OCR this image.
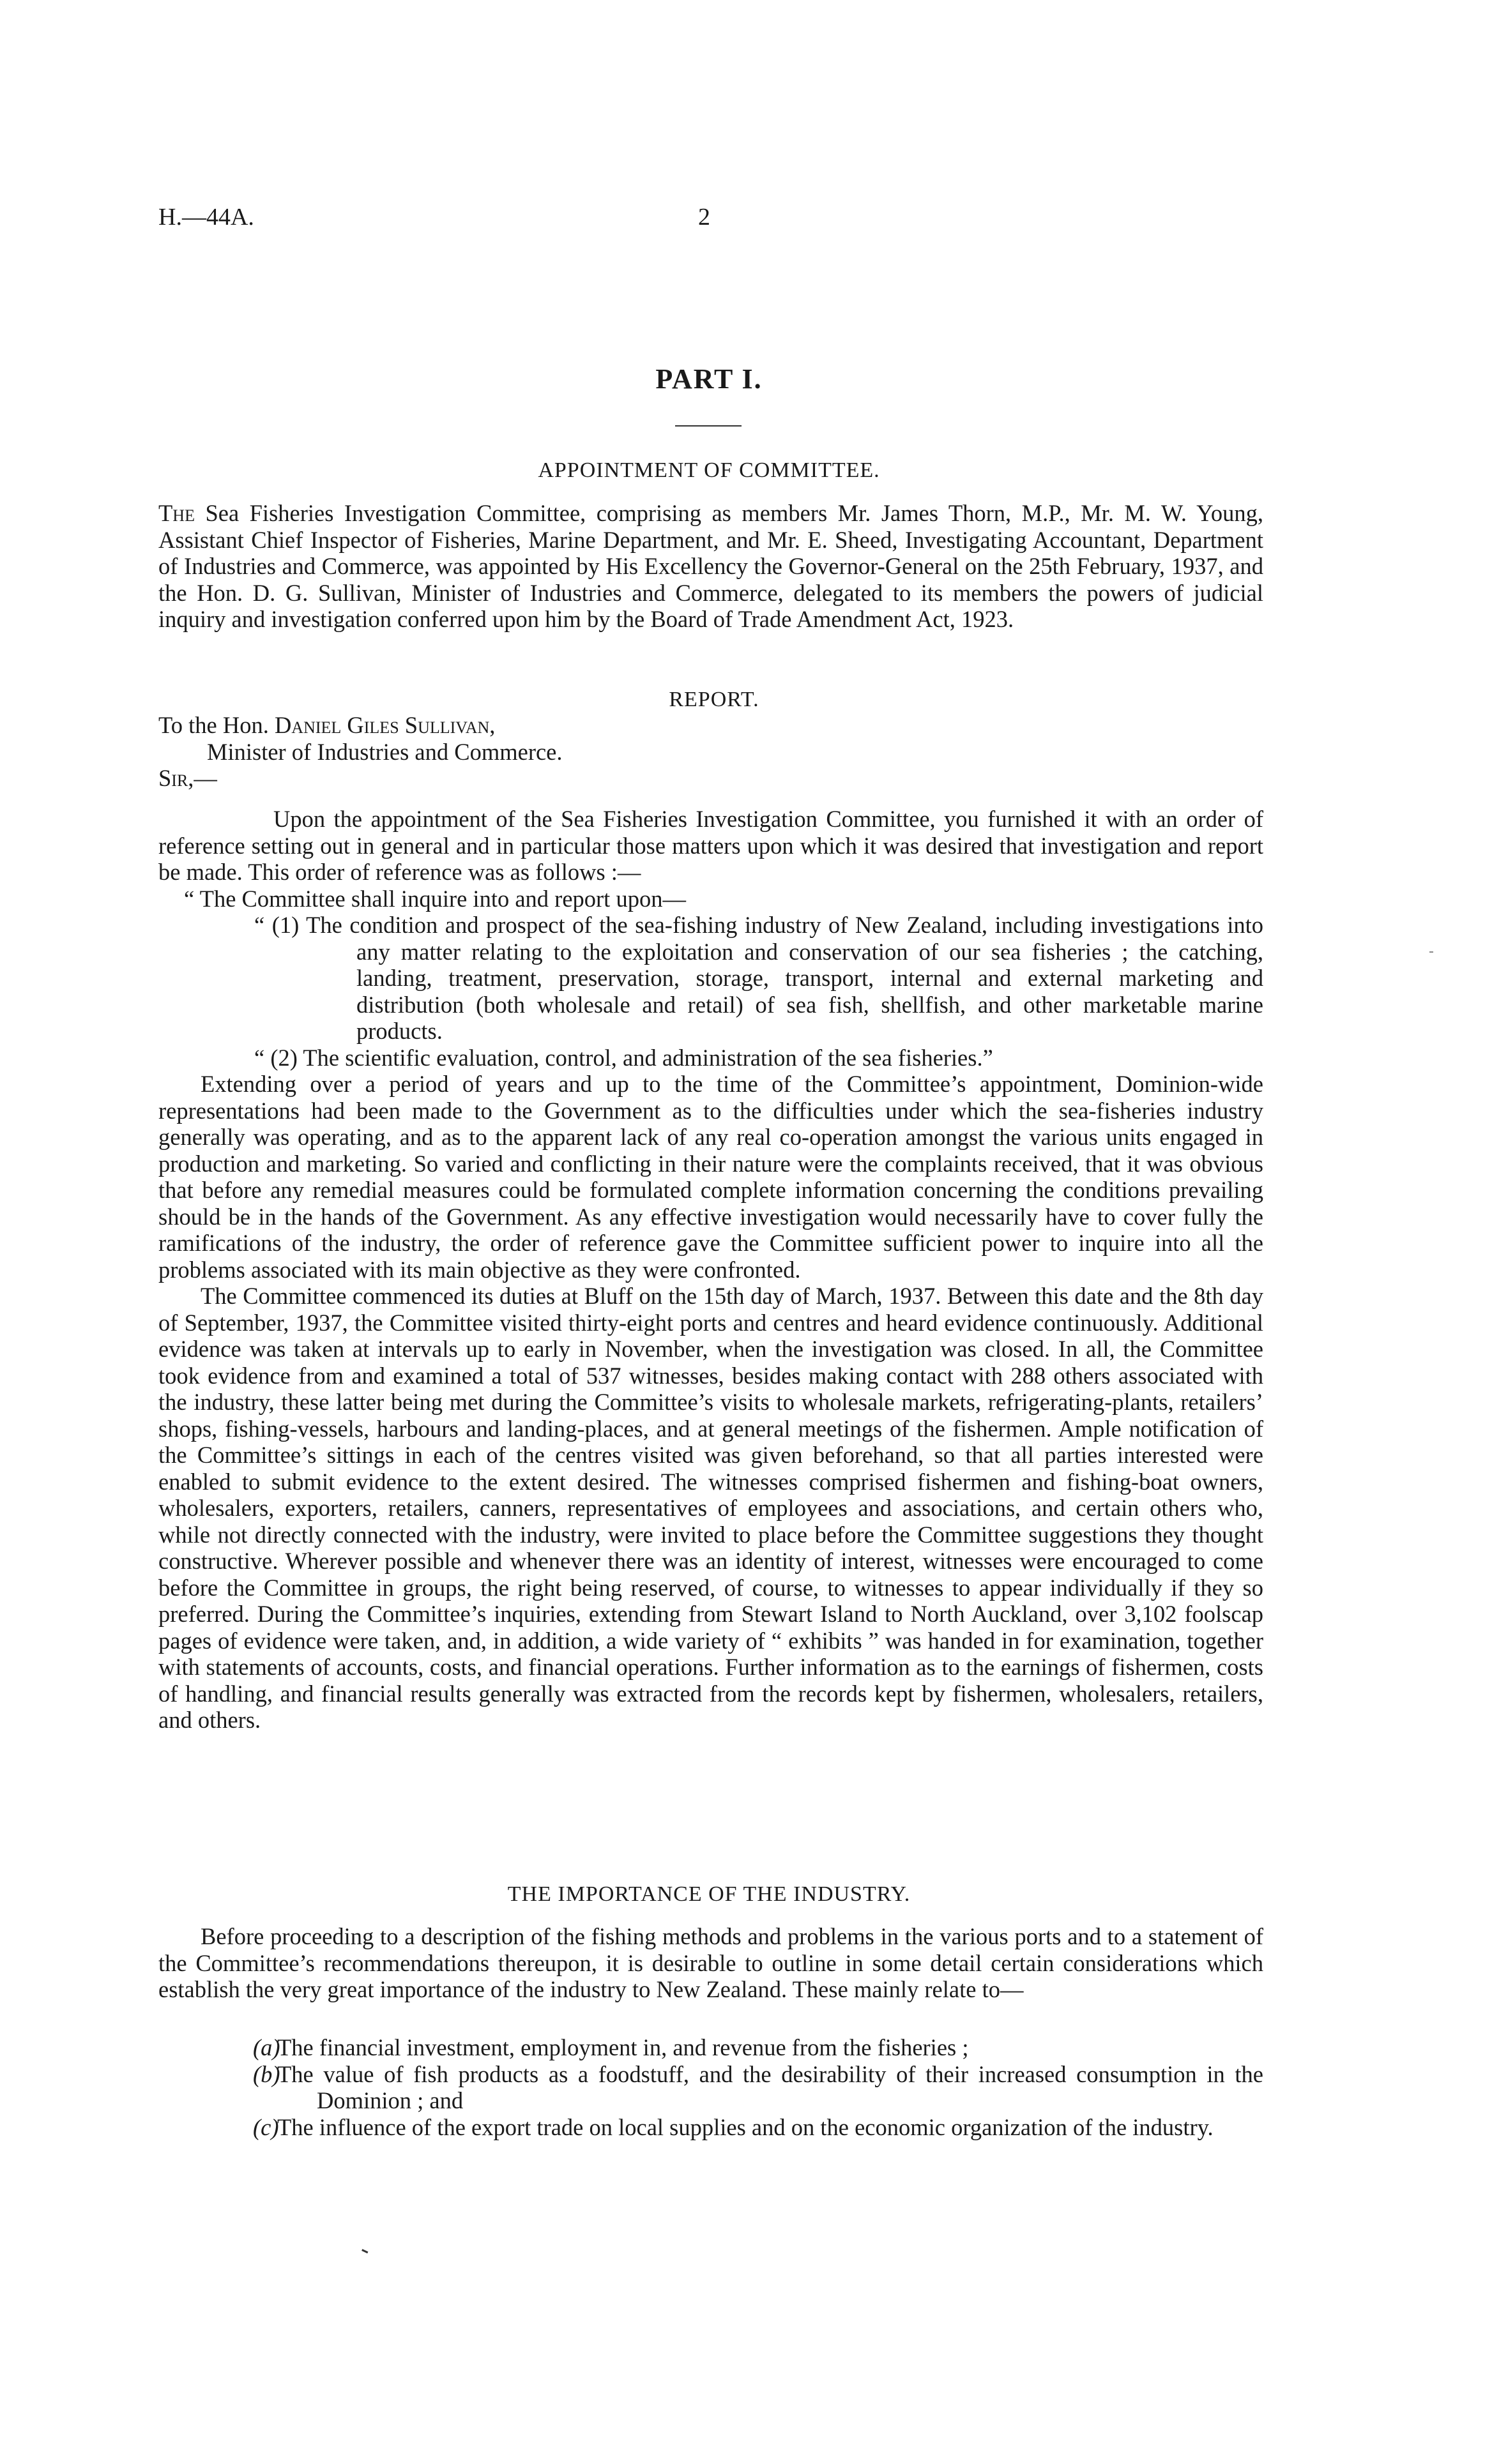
H.—44A.	2
PART I.
APPOINTMENT OF COMMITTEE.

The Sea Fisheries Investigation Committee, comprising as members Mr. James Thorn, M.P., Mr. M. W. Young, Assistant Chief Inspector of Fisheries, Marine Department, and Mr. E. Sheed, Investigating Accountant, Department of Industries and Commerce, was appointed by His Excellency the Governor-General on the 25th February, 1937, and the Hon. D. G. Sullivan, Minister of Industries and Commerce, delegated to its members the powers of judicial inquiry and investigation conferred upon him by the Board of Trade Amendment Act, 1923.

REPORT.
To the Hon. Daniel Giles Sullivan,
Minister of Industries and Commerce.
Sir,—

Upon the appointment of the Sea Fisheries Investigation Committee, you furnished it with an order of reference setting out in general and in particular those matters upon which it was desired that investigation and report be made. This order of reference was as follows :—

“ The Committee shall inquire into and report upon—

“ (1) The condition and prospect of the sea-fishing industry of New Zealand, including investigations into any matter relating to the exploitation and conservation of our sea fisheries ; the catching, landing, treatment, preservation, storage, transport, internal and external marketing and distribution (both wholesale and retail) of sea fish, shellfish, and other marketable marine products.

“ (2) The scientific evaluation, control, and administration of the sea fisheries.”

Extending over a period of years and up to the time of the Committee’s appointment, Dominion-wide representations had been made to the Government as to the difficulties under which the sea-fisheries industry generally was operating, and as to the apparent lack of any real co-operation amongst the various units engaged in production and marketing. So varied and conflicting in their nature were the complaints received, that it was obvious that before any remedial measures could be formulated complete information concerning the conditions prevailing should be in the hands of the Government. As any effective investigation would necessarily have to cover fully the ramifications of the industry, the order of reference gave the Committee sufficient power to inquire into all the problems associated with its main objective as they were confronted.

The Committee commenced its duties at Bluff on the 15th day of March, 1937. Between this date and the 8th day of September, 1937, the Committee visited thirty-eight ports and centres and heard evidence continuously. Additional evidence was taken at intervals up to early in November, when the investigation was closed. In all, the Committee took evidence from and examined a total of 537 witnesses, besides making contact with 288 others associated with the industry, these latter being met during the Committee’s visits to wholesale markets, refrigerating-plants, retailers’ shops, fishing-vessels, harbours and landing-places, and at general meetings of the fishermen. Ample notification of the Committee’s sittings in each of the centres visited was given beforehand, so that all parties interested were enabled to submit evidence to the extent desired. The witnesses comprised fishermen and fishing-boat owners, wholesalers, exporters, retailers, canners, representatives of employees and associations, and certain others who, while not directly connected with the industry, were invited to place before the Committee suggestions they thought constructive. Wherever possible and whenever there was an identity of interest, witnesses were encouraged to come before the Committee in groups, the right being reserved, of course, to witnesses to appear individually if they so preferred. During the Committee’s inquiries, extending from Stewart Island to North Auckland, over 3,102 foolscap pages of evidence were taken, and, in addition, a wide variety of “ exhibits ” was handed in for examination, together with statements of accounts, costs, and financial operations. Further information as to the earnings of fishermen, costs of handling, and financial results generally was extracted from the records kept by fishermen, wholesalers, retailers, and others.

THE IMPORTANCE OF THE INDUSTRY.

Before proceeding to a description of the fishing methods and problems in the various ports and to a statement of the Committee’s recommendations thereupon, it is desirable to outline in some detail certain considerations which establish the very great importance of the industry to New Zealand. These mainly relate to—

(a)The financial investment, employment in, and revenue from the fisheries ;

(b)The value of fish products as a foodstuff, and the desirability of their increased consumption in the Dominion ; and

(c)The influence of the export trade on local supplies and on the economic organization of the industry.
